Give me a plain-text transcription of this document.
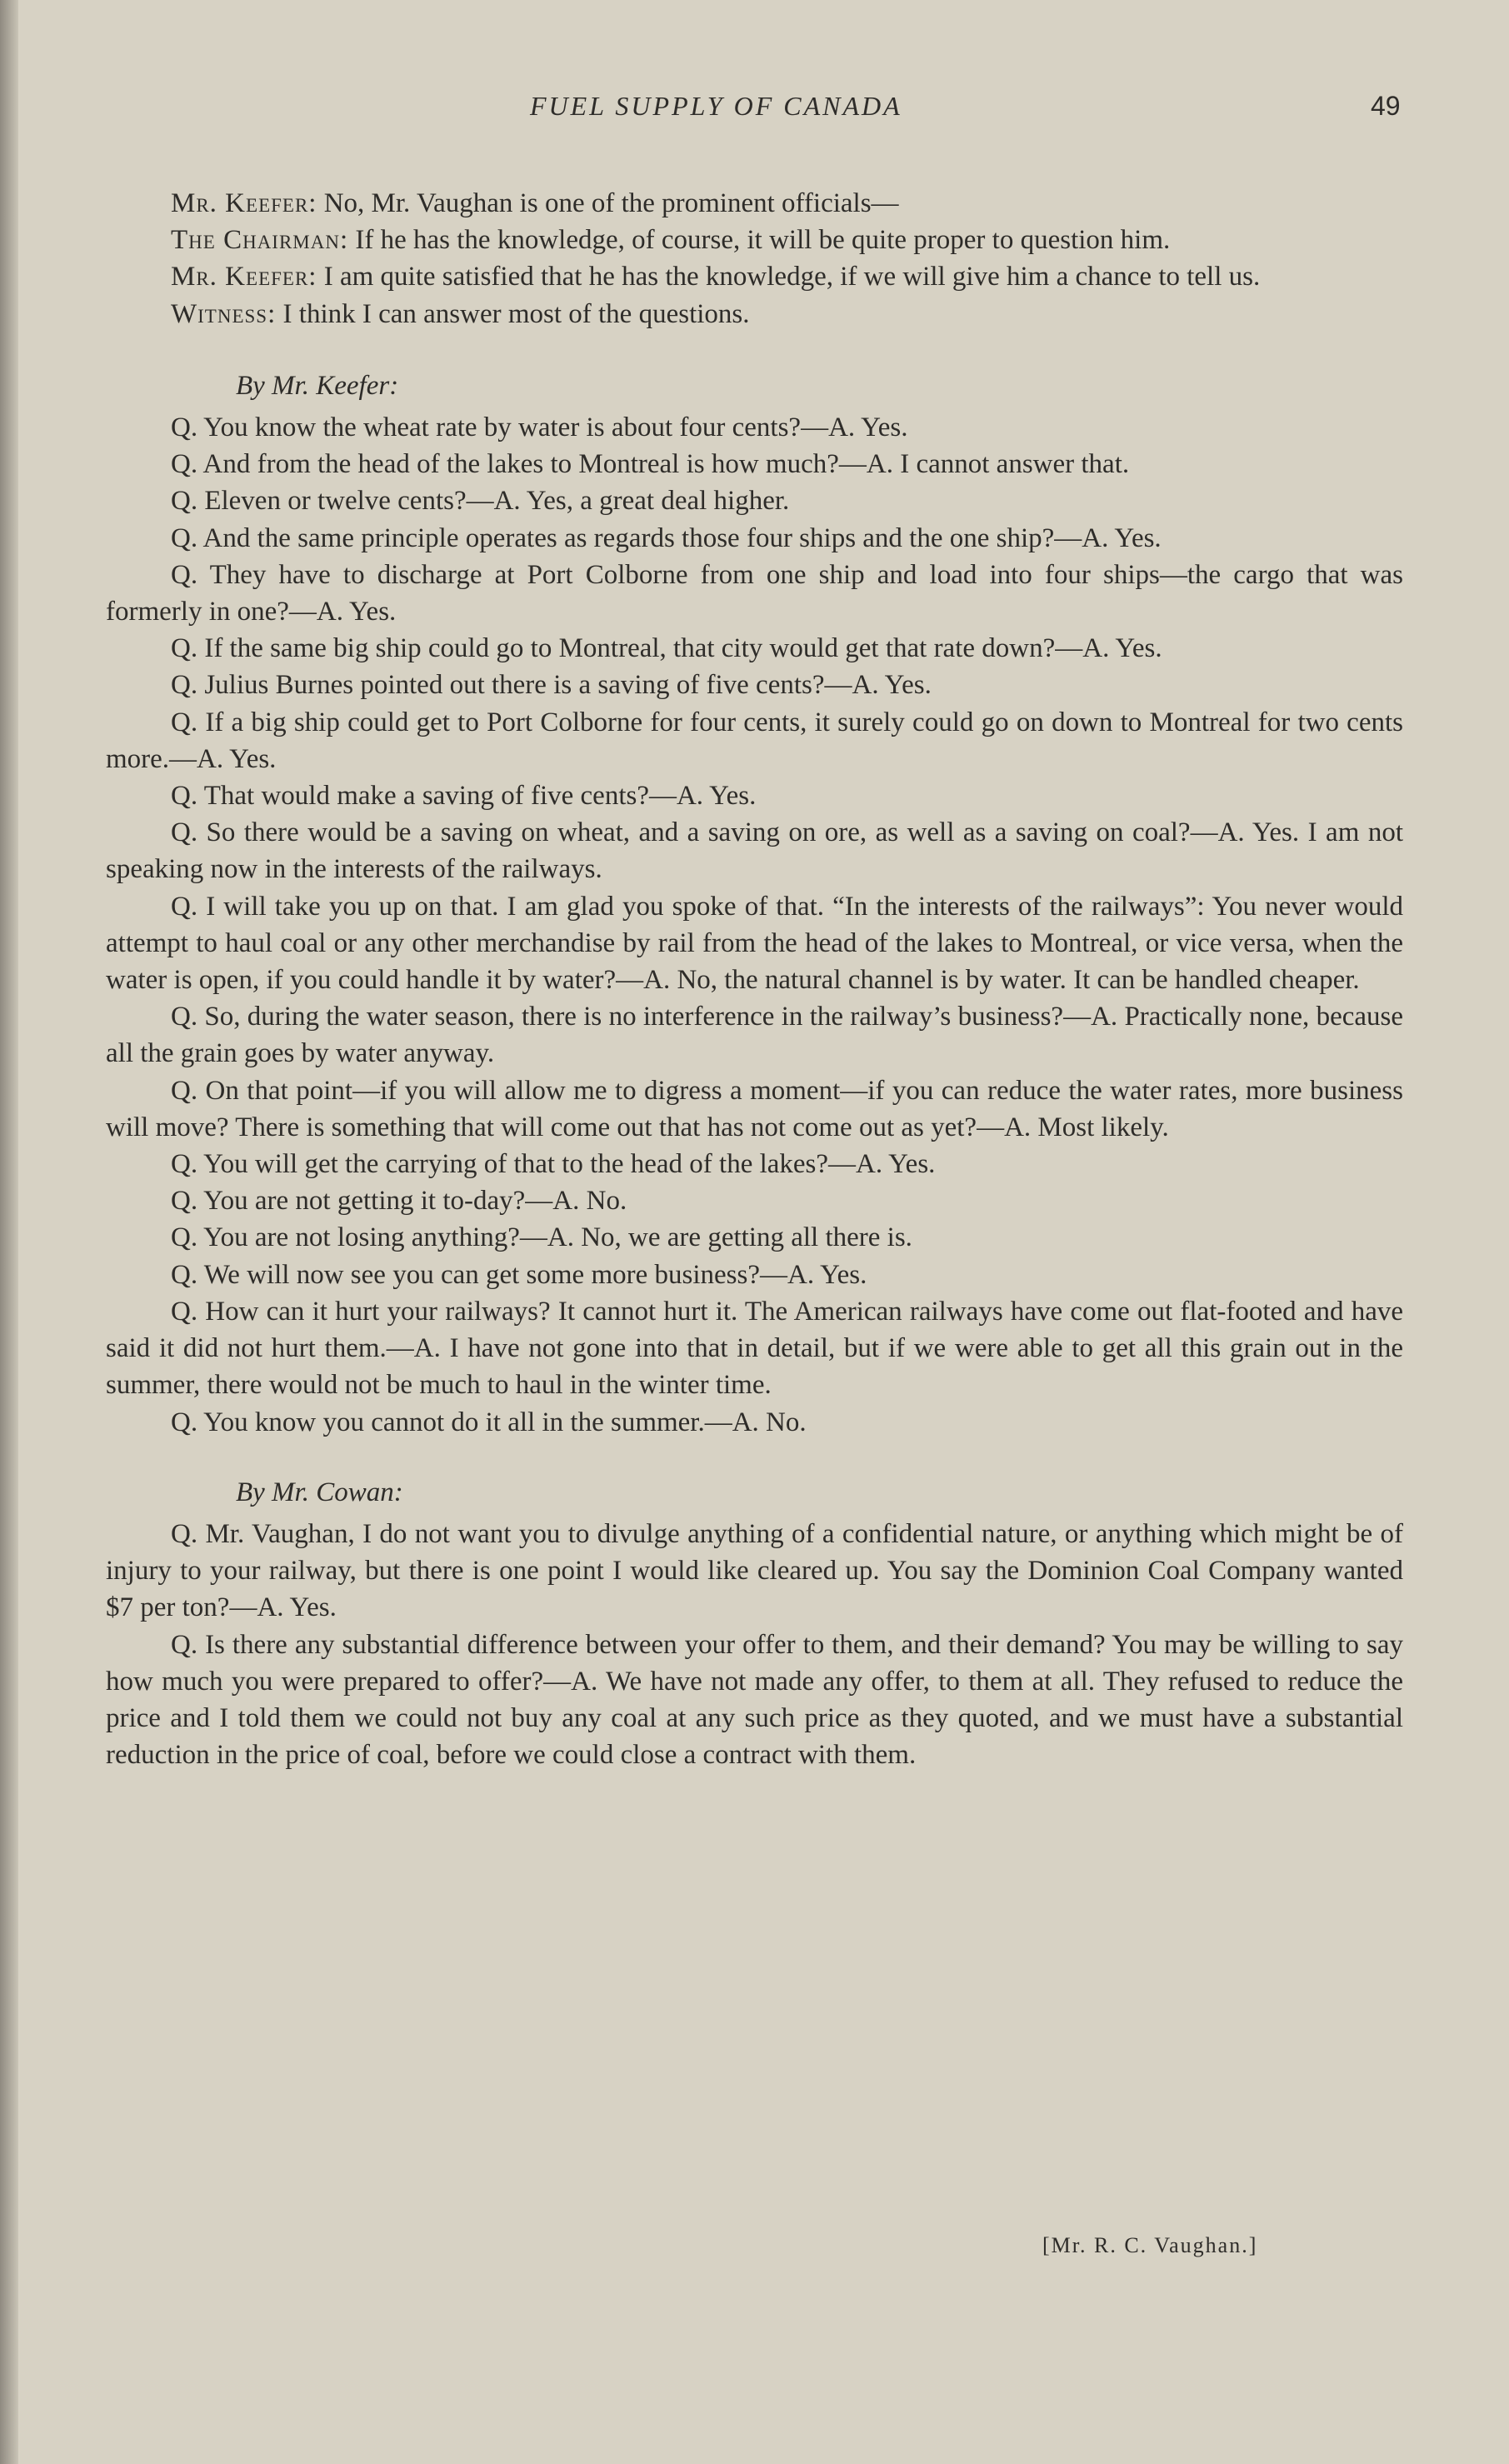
FUEL SUPPLY OF CANADA	49

Mr. Keefer: No, Mr. Vaughan is one of the prominent officials—

The Chairman: If he has the knowledge, of course, it will be quite proper to question him.

Mr. Keefer: I am quite satisfied that he has the knowledge, if we will give him a chance to tell us.

Witness: I think I can answer most of the questions.

By Mr. Keefer:

Q. You know the wheat rate by water is about four cents?—A. Yes.

Q. And from the head of the lakes to Montreal is how much?—A. I cannot answer that.

Q. Eleven or twelve cents?—A. Yes, a great deal higher.

Q. And the same principle operates as regards those four ships and the one ship?—A. Yes.

Q. They have to discharge at Port Colborne from one ship and load into four ships—the cargo that was formerly in one?—A. Yes.

Q. If the same big ship could go to Montreal, that city would get that rate down?—A. Yes.

Q. Julius Burnes pointed out there is a saving of five cents?—A. Yes.

Q. If a big ship could get to Port Colborne for four cents, it surely could go on down to Montreal for two cents more.—A. Yes.

Q. That would make a saving of five cents?—A. Yes.

Q. So there would be a saving on wheat, and a saving on ore, as well as a saving on coal?—A. Yes. I am not speaking now in the interests of the railways.

Q. I will take you up on that. I am glad you spoke of that. “In the interests of the railways”: You never would attempt to haul coal or any other merchandise by rail from the head of the lakes to Montreal, or vice versa, when the water is open, if you could handle it by water?—A. No, the natural channel is by water. It can be handled cheaper.

Q. So, during the water season, there is no interference in the railway’s business?—A. Practically none, because all the grain goes by water anyway.

Q. On that point—if you will allow me to digress a moment—if you can reduce the water rates, more business will move? There is something that will come out that has not come out as yet?—A. Most likely.

Q. You will get the carrying of that to the head of the lakes?—A. Yes.

Q. You are not getting it to-day?—A. No.

Q. You are not losing anything?—A. No, we are getting all there is.

Q. We will now see you can get some more business?—A. Yes.

Q. How can it hurt your railways? It cannot hurt it. The American railways have come out flat-footed and have said it did not hurt them.—A. I have not gone into that in detail, but if we were able to get all this grain out in the summer, there would not be much to haul in the winter time.

Q. You know you cannot do it all in the summer.—A. No.

By Mr. Cowan:

Q. Mr. Vaughan, I do not want you to divulge anything of a confidential nature, or anything which might be of injury to your railway, but there is one point I would like cleared up. You say the Dominion Coal Company wanted $7 per ton?—A. Yes.

Q. Is there any substantial difference between your offer to them, and their demand? You may be willing to say how much you were prepared to offer?—A. We have not made any offer, to them at all. They refused to reduce the price and I told them we could not buy any coal at any such price as they quoted, and we must have a substantial reduction in the price of coal, before we could close a contract with them.

[Mr. R. C. Vaughan.]
